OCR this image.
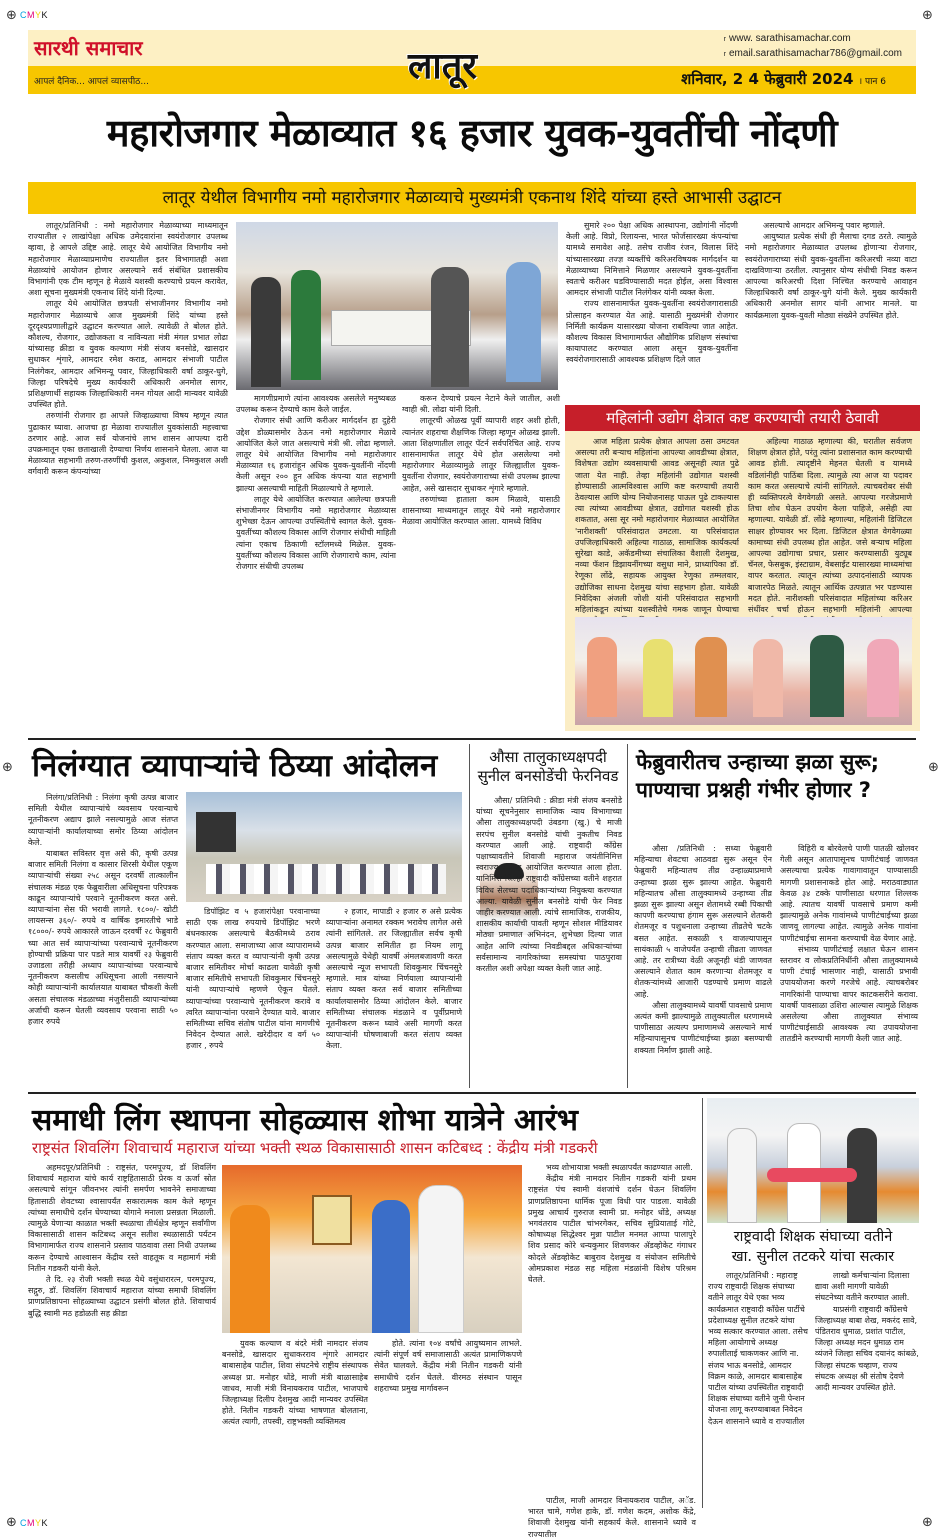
⊕ CMYK	⊕
⊕ CMYK	⊕
⊕	⊕
सारथी समाचार	लातूर
r www. sarathisamachar.com
r email.sarathisamachar786@gmail.com
आपलं दैनिक... आपलं व्यासपीठ...	शनिवार, 2 4 फेब्रुवारी 2024 । पान 6
महारोजगार मेळाव्यात १६ हजार युवक-युवतींची नोंदणी
लातूर येथील विभागीय नमो महारोजगार मेळाव्याचे मुख्यमंत्री एकनाथ शिंदे यांच्या हस्ते आभासी उद्घाटन

लातूर/प्रतिनिधी : नमो महारोजगार मेळाव्याच्या माध्यमातून राज्यातील २ लाखांपेक्षा अधिक उमेदवारांना स्वयंरोजगार उपलब्ध व्हावा, हे आपले उद्दिष्ट आहे. लातूर येथे आयोजित विभागीय नमो महारोजगार मेळाव्याप्रमाणेच राज्यातील इतर विभागातही अशा मेळाव्यांचे आयोजन होणार असल्याने सर्व संबंधित प्रशासकीय विभागांनी एक टीम म्हणून हे मेळावे यशस्वी करण्याचे प्रयत्न करावेत, अशा सूचना मुख्यमंत्री एकनाथ शिंदे यांनी दिल्या.

लातूर येथे आयोजित छत्रपती संभाजीनगर विभागीय नमो महारोजगार मेळाव्याचे आज मुख्यमंत्री शिंदे यांच्या हस्ते दूरदृश्यप्रणालीद्वारे उद्घाटन करण्यात आले. त्यावेळी ते बोलत होते. कौशल्य, रोजगार, उद्योजकता व नाविन्यता मंत्री मंगल प्रभात लोढा यांच्यासह क्रीडा व युवक कल्याण मंत्री संजय बनसोडे, खासदार सुधाकर शृंगारे, आमदार रमेश कराड, आमदार संभाजी पाटील निलंगेकर, आमदार अभिमन्यू पवार, जिल्हाधिकारी वर्षा ठाकूर-घुगे, जिल्हा परिषदेचे मुख्य कार्यकारी अधिकारी अनमोल सागर, प्रशिक्षणार्थी सहायक जिल्हाधिकारी नमन गोयल आदी मान्यवर यावेळी उपस्थित होते.

तरुणांनी रोजगार हा आपले जिव्हाळ्याचा विषय म्हणून त्यात पुढाकार घ्यावा. आजचा हा मेळावा राज्यातील युवकांसाठी महत्त्वाचा ठरणार आहे. आज सर्व योजनांचे लाभ शासन आपल्या दारी उपक्रमातून एका छताखाली देण्याचा निर्णय शासनाने घेतला. आज या मेळाव्यात सहभागी तरुण-तरुणींची कुशल, अकुशल, निमकुशल अशी वर्गवारी करून कंपन्यांच्या

मागणीप्रमाणे त्यांना आवश्यक असलेले मनुष्यबळ उपलब्ध करून देण्याचे काम केले जाईल.

रोजगार संधी आणि करीअर मार्गदर्शन हा दुहेरी उद्देश डोळ्यासमोर ठेऊन नमो महारोजगार मेळावे आयोजित केले जात असल्याचे मंत्री श्री. लोढा म्हणाले. लातूर येथे आयोजित विभागीय नमो महारोजगार मेळाव्यात १६ हजारांहून अधिक युवक-युवतींनी नोंदणी केली असून २०० हून अधिक कंपन्या यात सहभागी झाल्या असल्याची माहिती मिळाल्याचे ते म्हणाले.

लातूर येथे आयोजित करण्यात आलेल्या छत्रपती संभाजीनगर विभागीय नमो महारोजगार मेळाव्यास शुभेच्छा देऊन आपल्या उपस्थितीचे स्वागत केले. युवक-युवतींच्या कौशल्य विकास आणि रोजगार संधीची माहिती त्यांना एकाच ठिकाणी स्टॉलमध्ये मिळेल. युवक-युवतींच्या कौशल्य विकास आणि रोजगाराचे काम, त्यांना रोजगार संधीची उपलब्ध

करून देण्याचे प्रयत्न नेटाने केले जातील, अशी ग्वाही श्री. लोढा यांनी दिली.

लातूरची ओळख पूर्वी व्यापारी शहर अशी होती, त्यानंतर शहराचा शैक्षणिक जिल्हा म्हणून ओळख झाली. आता शिक्षणातील लातूर पॅटर्न सर्वपरिचित आहे. राज्य शासनामार्फत लातूर येथे होत असलेल्या नमो महारोजगार मेळाव्यामुळे लातूर जिल्ह्यातील युवक-युवतींना रोजगार, स्वयंरोजगाराच्या संधी उपलब्ध झाल्या आहेत, असे खासदार सुधाकर शृंगारे म्हणाले.

तरुणांच्या हाताला काम मिळावे, यासाठी शासनाच्या माध्यमातून लातूर येथे नमो महारोजगार मेळावा आयोजित करण्यात आला. यामध्ये विविध

सुमारे २०० पेक्षा अधिक आस्थापना, उद्योगांनी नोंदणी केली आहे. विप्रो, रिलायन्स, भारत फोर्जसारख्या कंपन्यांचा यामध्ये समावेश आहे. तसेच राजीव रंजन, विलास शिंदे यांच्यासारख्या तज्ज्ञ व्यक्तींचे करिअरविषयक मार्गदर्शन या मेळाव्याच्या निमित्ताने मिळणार असल्याने युवक-युवतींना स्वतःचे करीअर घडविण्यासाठी मदत होईल, असा विश्वास आमदार संभाजी पाटील निलंगेकर यांनी व्यक्त केला.

राज्य शासनामार्फत युवक-युवतींना स्वयंरोजगारासाठी प्रोत्साहन करण्यात येत आहे. यासाठी मुख्यमंत्री रोजगार निर्मिती कार्यक्रम यासारख्या योजना राबविल्या जात आहेत. कौशल्य विकास विभागामार्फत औद्योगिक प्रशिक्षण संस्थांचा कायापालट करण्यात आला असून युवक-युवतींना स्वयंरोजगारासाठी आवश्यक प्रशिक्षण दिले जात

असल्याचे आमदार अभिमन्यू पवार म्हणाले.

आयुष्यात प्रत्येक संधी ही मैलाचा दगड ठरते. त्यामुळे नमो महारोजगार मेळाव्यात उपलब्ध होणाऱ्या रोजगार, स्वयंरोजगाराच्या संधी युवक-युवतींना करिअरची नव्या वाटा दाखविणाऱ्या ठरतील. त्यानुसार योग्य संधीची निवड करून आपल्या करिअरची दिशा निश्चित करण्याचे आवाहन जिल्हाधिकारी वर्षा ठाकूर-घुगे यांनी केले. मुख्य कार्यकारी अधिकारी अनमोल सागर यांनी आभार मानले. या कार्यक्रमाला युवक-युवती मोठ्या संख्येने उपस्थित होते.

महिलांनी उद्योग क्षेत्रात कष्ट करण्याची तयारी ठेवावी

आज महिला प्रत्येक क्षेत्रात आपला ठसा उमटवत असल्या तरी बऱ्याच महिलांना आपल्या आवडीच्या क्षेत्रात, विशेषतः उद्योग व्यवसायाची आवड असूनही त्यात पुढे जाता येत नाही. तेव्हा महिलांनी उद्योगात यशस्वी होण्यासाठी आत्मविश्वास आणि कष्ट करण्याची तयारी ठेवल्यास आणि योग्य नियोजनासह पाऊल पुढे टाकल्यास त्या त्यांच्या आवडीच्या क्षेत्रात, उद्योगात यशस्वी होऊ शकतात, असा सूर नमो महारोजगार मेळाव्यात आयोजित 'नारीशक्ती' परिसंवादात उमटला. या परिसंवादात उपजिल्हाधिकारी अहिल्या गाठाळ, सामाजिक कार्यकर्त्या सुरेखा काडे, अकॅडमीच्या संचालिका वैशाली देशमुख, नव्या फॅशन डिझायनींगच्या वसुधा माने, प्राध्यापिका डॉ. रेणूका लोंढे, सहायक आयुक्त रेणुका तम्मलवार, उद्योजिका साधना देशमुख यांचा सहभाग होता. यावेळी निवेदिका अंजली जोशी यांनी परिसंवादात सहभागी महिलांकडून त्यांच्या यशस्वीतेचे गमक जाणून घेण्याचा

अहिल्या गाठाळ म्हणाल्या की, घरातील सर्वजण शिक्षण क्षेत्रात होते, परंतु त्यांना प्रशासनात काम करण्याची आवड होती. त्यादृष्टीने मेहनत घेतली व यामध्ये वडिलांनीही पाठिंबा दिला. त्यामुळे त्या आज या पदावर काम करत असल्याचे त्यांनी सांगितले. त्याचबरोबर संधी ही व्यक्तिपरत्वे वेगवेगळी असते. आपल्या गरजेप्रमाणे तिचा शोध घेऊन उपयोग केला पाहिजे, असेही त्या म्हणाल्या. यावेळी डॉ. लोंढे म्हणाल्या, महिलांनी डिजिटल साक्षर होण्यावर भर दिला. डिजिटल क्षेत्रात वेगवेगळ्या कामाच्या संधी उपलब्ध होत आहेत. जसे बऱ्याच महिला आपल्या उद्योगाचा प्रचार, प्रसार करण्यासाठी युट्यूब चॅनल, फेसबुक, इंस्टाग्राम, वेबसाईट यासारख्या माध्यमांचा वापर करतात. त्यातून त्यांच्या उत्पादनांसाठी व्यापक बाजारपेठ मिळते. त्यातून आर्थिक उत्पन्नात भर पडण्यास मदत होते. नारीशक्ती परिसंवादात महिलांच्या करिअर संधींवर चर्चा होऊन सहभागी महिलांनी आपल्या

निलंग्यात व्यापाऱ्यांचे ठिय्या आंदोलन

निलंगा/प्रतिनिधी : निलंगा कृषी उत्पन्न बाजार समिती येथील व्यापाऱ्यांचे व्यवसाय परवान्याचे नूतनीकरण अद्याप झाले नसल्यामुळे आज संतप्त व्यापाऱ्यांनी कार्यालयाच्या समोर ठिय्या आंदोलन केले.

याबाबत सविस्तर वृत्त असे की, कृषी उत्पन्न बाजार समिती निलंगा व कासार शिरसी येथील एकूण व्यापाऱ्यांची संख्या २५८ असून दरवर्षी तात्कालीन संचालक मंडळ एक फेब्रुवारीला अधिसूचना परिपत्रक काढून व्यापाऱ्यांचे परवाने नूतनीकरण करत असे. व्यापाऱ्यांना सेस फी भरावी लागते. १८००/- खोटी लायसन्स ३६०/- रुपये व वार्षिक इमारतीचे भाडे १८०००/- रुपये आकारले जाऊन दरवर्षी २८ फेब्रुवारी च्या आत सर्व व्यापाऱ्यांच्या परवान्याचे नूतनीकरण होण्याची प्रक्रिया पार पडते मात्र यावर्षी २३ फेब्रुवारी उजाडला तरीही अध्याप व्यापाऱ्यांच्या परवान्याचे नूतनीकरण कसलीच अधिसूचना आली नसल्याने कोही व्यापाऱ्यांनी कार्यालयात याबाबत चौकशी केली असता संचालक मंडळाच्या मंजुरीसाठी व्यापाऱ्यांच्या अर्जाची करून घेतली व्यवसाय परवाना साठी ५० हजार रुपये

डिपॉझिट व ५ हजारांपेक्षा परवानाच्या साठी एक लाख रुपयाचे डिपॉझिट भरणे बंधनकारक असल्याचे बैठकीमध्ये ठराव करण्यात आला. समाजाच्या आज व्यापारामध्ये संताप व्यक्त करत व व्यापाऱ्यांनी कृषी उत्पन्न बाजार समितीवर मोर्चा काढला यावेळी कृषी बाजार समितीचे सभापती शिवकुमार चिंचनसुरे यांनी व्यापाऱ्यांचे म्हणणे ऐकून घेतले. व्यापाऱ्यांच्या परवान्याचे नूतनीकरण करावे व त्वरित व्यापाऱ्यांना परवाने देण्यात यावे. बाजार समितीच्या सचिव संतोष पाटील यांना मागणीचे निवेदन देण्यात आले. खरेदीदार व वर्ग ५० हजार , रुपये

२ हजार, मापाडी २ हजार रु असे प्रत्येक व्यापाऱ्यांना अनामत रक्कम भरावेच लागेल असे त्यांनी सांगितले. तर जिल्ह्यातील सर्वच कृषी उत्पन्न बाजार समितीत हा नियम लागू असल्यामुळे येथेही यावर्षी अंमलबजावणी करत असल्याचे न्यूज सभापती शिवकुमार चिंचनसुरे म्हणाले. मात्र यांच्या निर्णयाला व्यापाऱ्यांनी संताप व्यक्त करत सर्व बाजार समितीच्या कार्यालयासमोर ठिय्या आंदोलन केले. बाजार समितीच्या संचालक मंडळाने व पूर्वीप्रमाणे नूतनीकरण करून घ्यावे असी मागणी करत व्यापाऱ्यांनी घोषणाबाजी करत संताप व्यक्त केला.

औसा तालुकाध्यक्षपदी
सुनील बनसोडेंची फेरनिवड

औसा/ प्रतिनिधी : क्रीडा मंत्री संजय बनसोडे यांच्या सूचनेनुसार सामाजिक न्याय विभागाच्या औसा तालुकाध्यक्षपदी उंबडगा (खु.) चे माजी सरपंच सुनील बनसोडे यांची नुकतीच निवड करण्यात आली आहे. राष्ट्रवादी काँग्रेस पक्षाच्यावतीने शिवाजी महाराज जयंतीनिमित्त स्वराज्य सप्ताह आयोजित करण्यात आला होता. यानिमित्त जिल्हा राष्ट्रवादी काँग्रेसच्या वतीने शहरात विविध सेलच्या पदाधिकाऱ्यांच्या नियुक्त्या करण्यात आल्या. यावेळी सुनील बनसोडे यांची फेर निवड जाहीर करण्यात आली. त्यांचे सामाजिक, राजकीय, शासकीय कार्याची पावती म्हणून सोशल मीडियावर मोठ्या प्रमाणात अभिनंदन, शुभेच्छा दिल्या जात आहेत आणि त्यांच्या निवडीबद्दल अधिकाऱ्यांच्या सर्वसामान्य नागरिकांच्या समस्यांचा पाठपुरावा करतील अशी अपेक्षा व्यक्त केली जात आहे.

फेब्रुवारीतच उन्हाच्या झळा सुरू;
पाण्याचा प्रश्नही गंभीर होणार ?

औसा /प्रतिनिधी : सध्या फेब्रुवारी महिन्याचा शेवटचा आठवडा सुरू असून ऐन फेब्रुवारी महिन्यातच तीव्र उन्हाळ्याप्रमाणे उन्हाच्या झळा सुरू झाल्या आहेत. फेब्रुवारी महिन्यातच औसा तालुक्यामध्ये उन्हाच्या तीव्र झळा सुरू झाल्या असून शेतामध्ये रब्बी पिकाची कापणी करण्याचा हंगाम सुरू असल्याने शेतकरी शेतमजूर व पशुधनाला उन्हाच्या तीव्रतेचे चटके बसत आहेत. सकाळी ९ वाजल्यापासून सायंकाळी ५ वाजेपर्यंत उन्हाची तीव्रता जाणवत आहे. तर रात्रीच्या वेळी अजूनही थंडी जाणवत असल्याने शेतात काम करणाऱ्या शेतमजूर व शेतकऱ्यांमध्ये आजारी पडण्याचे प्रमाण वाढले आहे.

औसा तालुक्यामध्ये यावर्षी पावसाचे प्रमाण अत्यंत कमी झाल्यामुळे तालुक्यातील धरणामध्ये पाणीसाठा अत्यल्प प्रमाणामध्ये असल्याने मार्च महिन्यापासूनच पाणीटंचाईच्या झळा बसण्याची शक्यता निर्माण झाली आहे.

विहिरी व बोरवेलचे पाणी पातळी खोलवर गेली असून आतापासूनच पाणीटंचाई जाणवत असल्याचा प्रत्येक गावागावातून पाण्यासाठी मागणी प्रशासनाकडे होत आहे. मराठवाड्यात केवळ ३४ टक्के पाणीसाठा धरणात शिल्लक आहे. त्यातच यावर्षी पावसाचे प्रमाण कमी झाल्यामुळे अनेक गावांमध्ये पाणीटंचाईच्या झळा जाणवू लागल्या आहेत. त्यामुळे अनेक गावांना पाणीटंचाईचा सामना करण्याची वेळ येणार आहे.

संभाव्य पाणीटंचाई लक्षात घेऊन शासन स्तरावर व लोकप्रतिनिधींनी औसा तालुक्यामध्ये पाणी टंचाई भासणार नाही, यासाठी प्रभावी उपाययोजना करणे गरजेचे आहे. त्याचबरोबर नागरिकांनी पाण्याचा वापर काटकसरीने करावा. यावर्षी पावसाळा उशिरा आल्यास त्यामुळे शिक्षक असलेल्या औसा तालुक्यात संभाव्य पाणीटंचाईसाठी आवश्यक त्या उपाययोजना तातडीने करण्याची मागणी केली जात आहे.

समाधी लिंग स्थापना सोहळ्यास शोभा यात्रेने आरंभ
राष्ट्रसंत शिवलिंग शिवाचार्य महाराज यांच्या भक्ती स्थळ विकासासाठी शासन कटिबध्द : केंद्रीय मंत्री गडकरी

अहमदपूर/प्रतिनिधी : राष्ट्रसंत, परमपूज्य, डॉ शिवलिंग शिवाचार्य महाराज यांचे कार्य राष्ट्रहितासाठी प्रेरक व ऊर्जा स्रोत असल्याचे सांगून जीवनभर त्यांनी समर्पण भावनेने समाजाच्या हितासाठी शेवटच्या श्वासापर्यंत सकारात्मक काम केले म्हणून त्यांच्या समाधीचे दर्शन घेण्याच्या योगाने मनाला प्रसन्नता मिळाली. त्यामुळे येणाऱ्या काळात भक्ती स्थळाचा तीर्थक्षेत्र म्हणून सर्वांगीण विकासासाठी शासन कटिबध्द असून सतीश स्थळासाठी पर्यटन विभागामार्फत राज्य शासनाने प्रस्ताव पाठवावा तसा निधी उपलब्ध करून देण्याचे आश्वासन केंद्रीय रस्ते वाहतूक व महामार्ग मंत्री नितीन गडकरी यांनी केले.

ते दि. २३ रोजी भक्ती स्थळ येथे वसुंधारारत्न, परमपूज्य, सद्गुरु, डॉ. शिवलिंग शिवाचार्य महाराज यांच्या समाधी शिवलिंग प्राणप्रतिष्ठापना सोहळ्याच्या उद्घाटन प्रसंगी बोलत होते. शिवाचार्य बुद्धि स्वामी मठ हडोळती सह क्रीडा

युवक कल्याण व बंदरे मंत्री नामदार संजय बनसोडे, खासदार सुधाकरराव शृंगारे आमदार बाबासाहेब पाटील, शिवा संघटनेचे राष्ट्रीय संस्थापक अध्यक्ष प्रा. मनोहर धोंडे, माजी मंत्री बाळासाहेब जाधव, माजी मंत्री विनायकराव पाटील, भाजपाचे जिल्हाध्यक्ष दिलीप देशमुख आदी मान्यवर उपस्थित होते. नितीन गडकरी यांच्या भाषणात बोलताना, अत्यंत त्यागी, तपस्वी, राष्ट्रभक्ती व्यक्तिमत्व

होते. त्यांना १०४ वर्षांचे आयुष्यमान लाभले. त्यांनी संपूर्ण वर्ष समाजासाठी अत्यंत प्रामाणिकपणे सेवेत घालवले. केंद्रीय मंत्री नितीन गडकरी यांनी समाधीचे दर्शन घेतले. वीरमठ संस्थान पासून शहराच्या प्रमुख मार्गावरून

भव्य शोभायात्रा भक्ती स्थळापर्यंत काढण्यात आली.

केंद्रीय मंत्री नामदार नितीन गडकरी यांनी प्रथम राष्ट्रसंत पंच स्वामी वंशजांचे दर्शन घेऊन शिवलिंग प्राणप्रतिष्ठापना धार्मिक पूजा विधी पार पाडला. यावेळी प्रमुख आचार्य गुरुराज स्वामी प्रा. मनोहर धोंडे, अध्यक्ष भगवंतराव पाटील चांभरगेकर, सचिव सुप्रियाताई गोटे, कोषाध्यक्ष सिद्धेश्वर मुन्ना पाटील मनमत आप्पा पालापुरे शिव प्रसाद कोरे धन्यकुमार शिवणकर ॲडव्होकेट गंगाधर कोदले ॲडव्होकेट बाबुराव देशमुख व संयोजन समितीचे ओमप्रकाश मंडळ सह महिला मंडळांनी विशेष परिश्रम घेतले.

पाटील, माजी आमदार विनायकराव पाटील, अॅड. भारत चामे, गणेश हाके, डॉ. गणेश कदम, अशोक केंद्रे, शिवाजी देशमुख यांनी सहकार्य केले. शासनाने ध्यावे व राज्यातील

राष्ट्रवादी शिक्षक संघाच्या वतीने
खा. सुनील तटकरे यांचा सत्कार

लातूर/प्रतिनिधी : महाराष्ट्र राज्य राष्ट्रवादी शिक्षक संघाच्या वतीने लातूर येथे एका भव्य कार्यक्रमात राष्ट्रवादी काँग्रेस पार्टीचे प्रदेशाध्यक्ष सुनील तटकरे यांचा भव्य सत्कार करण्यात आला. तसेच महिला आयोगाचे अध्यक्ष रुपालीताई चाकणकर आणि ना. संजय भाऊ बनसोडे, आमदार विक्रम काळे, आमदार बाबासाहेब पाटील यांच्या उपस्थितीत राष्ट्रवादी शिक्षक संघाच्या वतीने जुनी पेन्शन योजना लागू करण्याबाबत निवेदन देऊन शासनाने ध्यावे व राज्यातील

लाखो कर्मचाऱ्यांना दिलासा द्यावा अशी मागणी यावेळी संघटनेच्या वतीने करण्यात आली.

याप्रसंगी राष्ट्रवादी काँग्रेसचे जिल्हाध्यक्ष बाबा शेख, मकरंद सावे, पंडितराव धुमाळ, प्रशांत पाटील, जिल्हा अध्यक्ष मदन धुमाळ राम व्यंजने जिल्हा सचिव दयानंद कांबळे, जिल्हा संघटक चव्हाण, राज्य संघटक अध्यक्ष श्री संतोष देवणे आदी मान्यवर उपस्थित होते.
